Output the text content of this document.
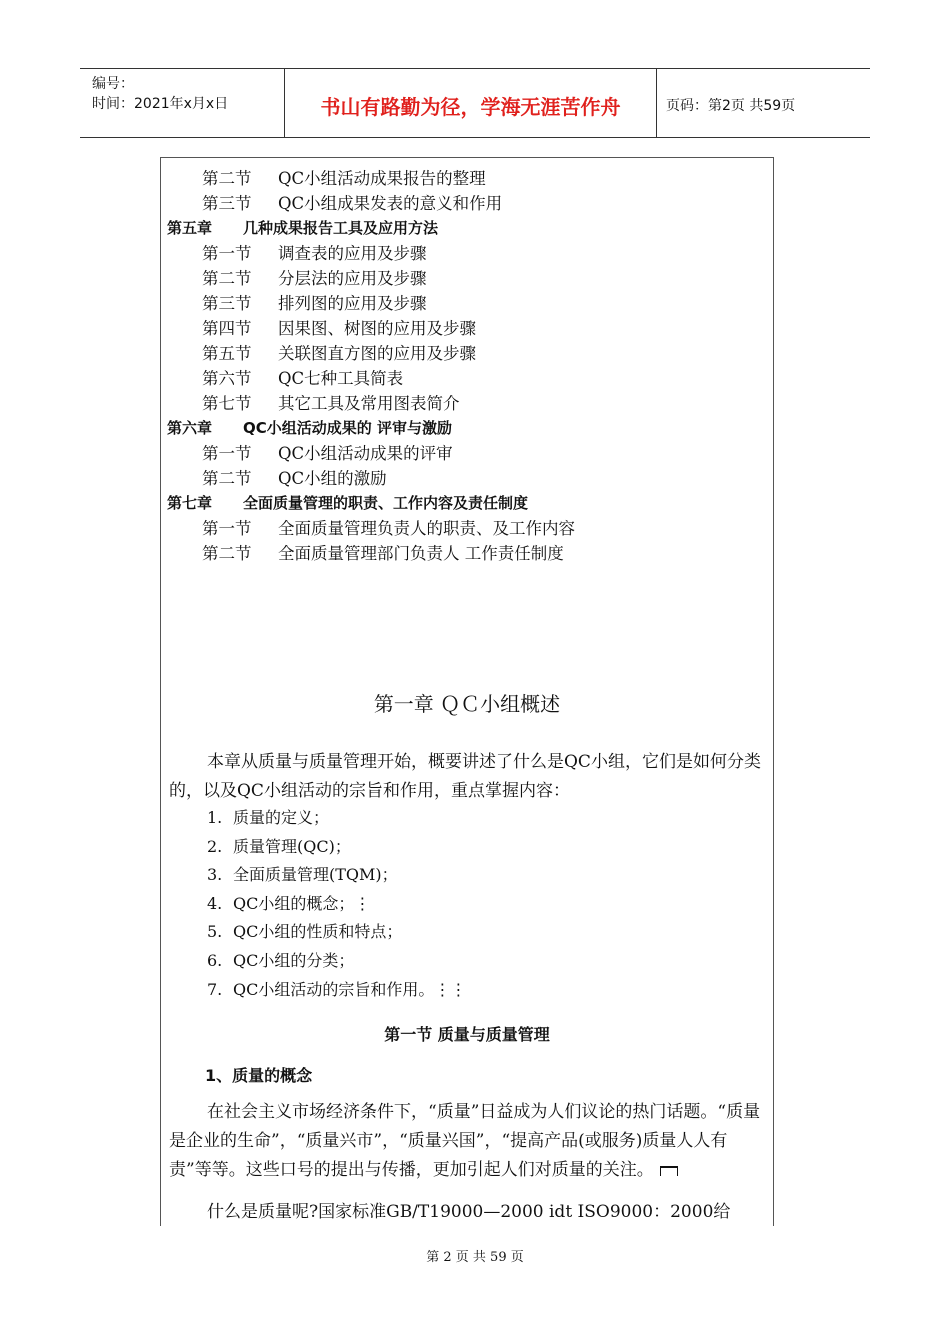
编号：
时间：2021年x月x日	书山有路勤为径，学海无涯苦作舟	页码：第2页 共59页
第二节 QC小组活动成果报告的整理
第三节 QC小组成果发表的意义和作用
第五章 几种成果报告工具及应用方法
第一节 调查表的应用及步骤
第二节 分层法的应用及步骤
第三节 排列图的应用及步骤
第四节 因果图、树图的应用及步骤
第五节 关联图直方图的应用及步骤
第六节 QC七种工具简表
第七节 其它工具及常用图表简介
第六章 QC小组活动成果的 评审与激励
第一节 QC小组活动成果的评审
第二节 QC小组的激励
第七章 全面质量管理的职责、工作内容及责任制度
第一节 全面质量管理负责人的职责、及工作内容
第二节 全面质量管理部门负责人 工作责任制度
第一章 ＱＣ小组概述
本章从质量与质量管理开始，概要讲述了什么是QC小组，它们是如何分类的，以及QC小组活动的宗旨和作用，重点掌握内容：
1. 质量的定义；
2. 质量管理(QC)；
3. 全面质量管理(TQM)；
4. QC小组的概念；⋮
5. QC小组的性质和特点；
6. QC小组的分类；
7. QC小组活动的宗旨和作用。⋮⋮
第一节 质量与质量管理
1、质量的概念
在社会主义市场经济条件下，“质量”日益成为人们议论的热门话题。“质量是企业的生命”，“质量兴市”，“质量兴国”，“提高产品(或服务)质量人人有责”等等。这些口号的提出与传播，更加引起人们对质量的关注。
什么是质量呢?国家标准GB/T19000—2000 idt ISO9000：2000给
第 2 页 共 59 页
